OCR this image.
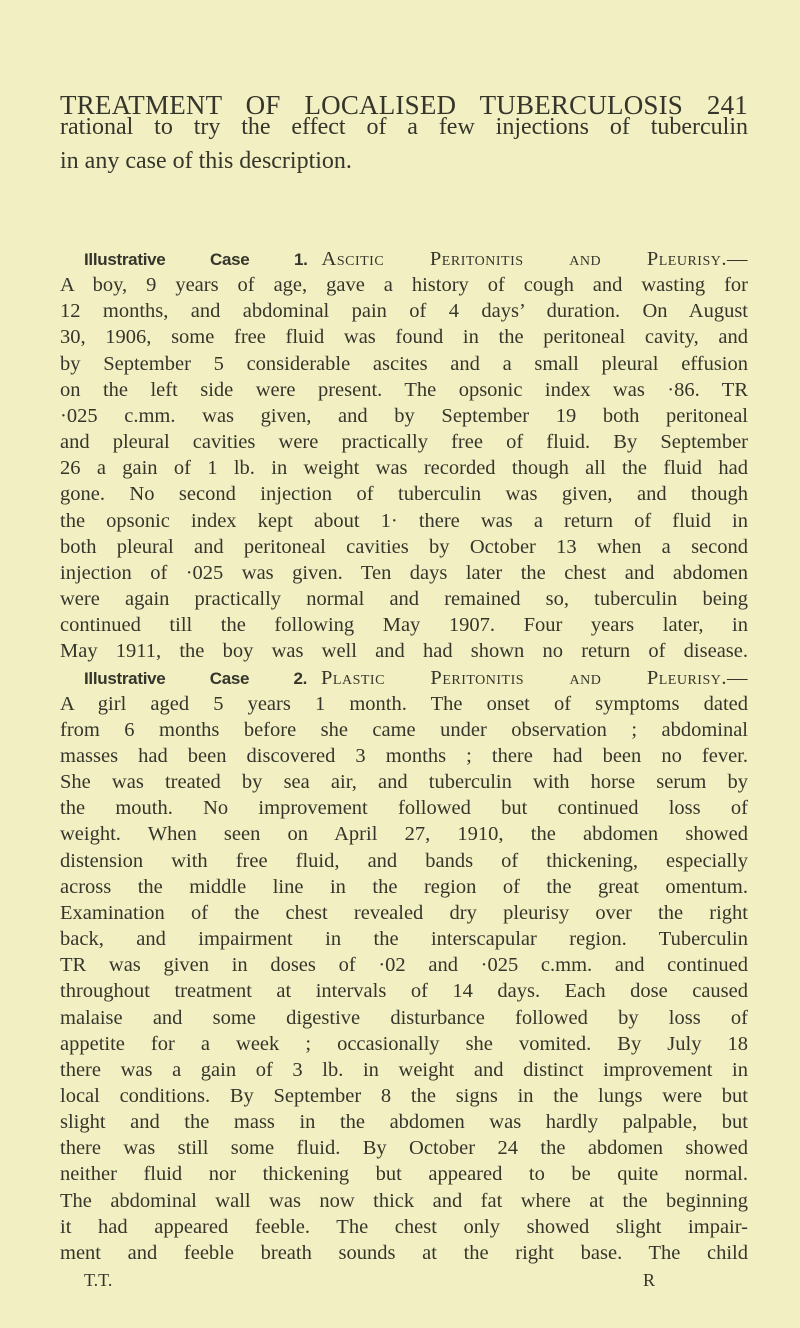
TREATMENT OF LOCALISED TUBERCULOSIS 241
rational to try the effect of a few injections of tuberculin
in any case of this description.
Illustrative Case 1. Ascitic Peritonitis and Pleurisy.—
A boy, 9 years of age, gave a history of cough and wasting for
12 months, and abdominal pain of 4 days’ duration. On August
30, 1906, some free fluid was found in the peritoneal cavity, and
by September 5 considerable ascites and a small pleural effusion
on the left side were present. The opsonic index was ·86. TR
·025 c.mm. was given, and by September 19 both peritoneal
and pleural cavities were practically free of fluid. By September
26 a gain of 1 lb. in weight was recorded though all the fluid had
gone. No second injection of tuberculin was given, and though
the opsonic index kept about 1· there was a return of fluid in
both pleural and peritoneal cavities by October 13 when a second
injection of ·025 was given. Ten days later the chest and abdomen
were again practically normal and remained so, tuberculin being
continued till the following May 1907. Four years later, in
May 1911, the boy was well and had shown no return of disease.
Illustrative Case 2. Plastic Peritonitis and Pleurisy.—
A girl aged 5 years 1 month. The onset of symptoms dated
from 6 months before she came under observation ; abdominal
masses had been discovered 3 months ; there had been no fever.
She was treated by sea air, and tuberculin with horse serum by
the mouth. No improvement followed but continued loss of
weight. When seen on April 27, 1910, the abdomen showed
distension with free fluid, and bands of thickening, especially
across the middle line in the region of the great omentum.
Examination of the chest revealed dry pleurisy over the right
back, and impairment in the interscapular region. Tuberculin
TR was given in doses of ·02 and ·025 c.mm. and continued
throughout treatment at intervals of 14 days. Each dose caused
malaise and some digestive disturbance followed by loss of
appetite for a week ; occasionally she vomited. By July 18
there was a gain of 3 lb. in weight and distinct improvement in
local conditions. By September 8 the signs in the lungs were but
slight and the mass in the abdomen was hardly palpable, but
there was still some fluid. By October 24 the abdomen showed
neither fluid nor thickening but appeared to be quite normal.
The abdominal wall was now thick and fat where at the beginning
it had appeared feeble. The chest only showed slight impair-
ment and feeble breath sounds at the right base. The child
T.T.	R
